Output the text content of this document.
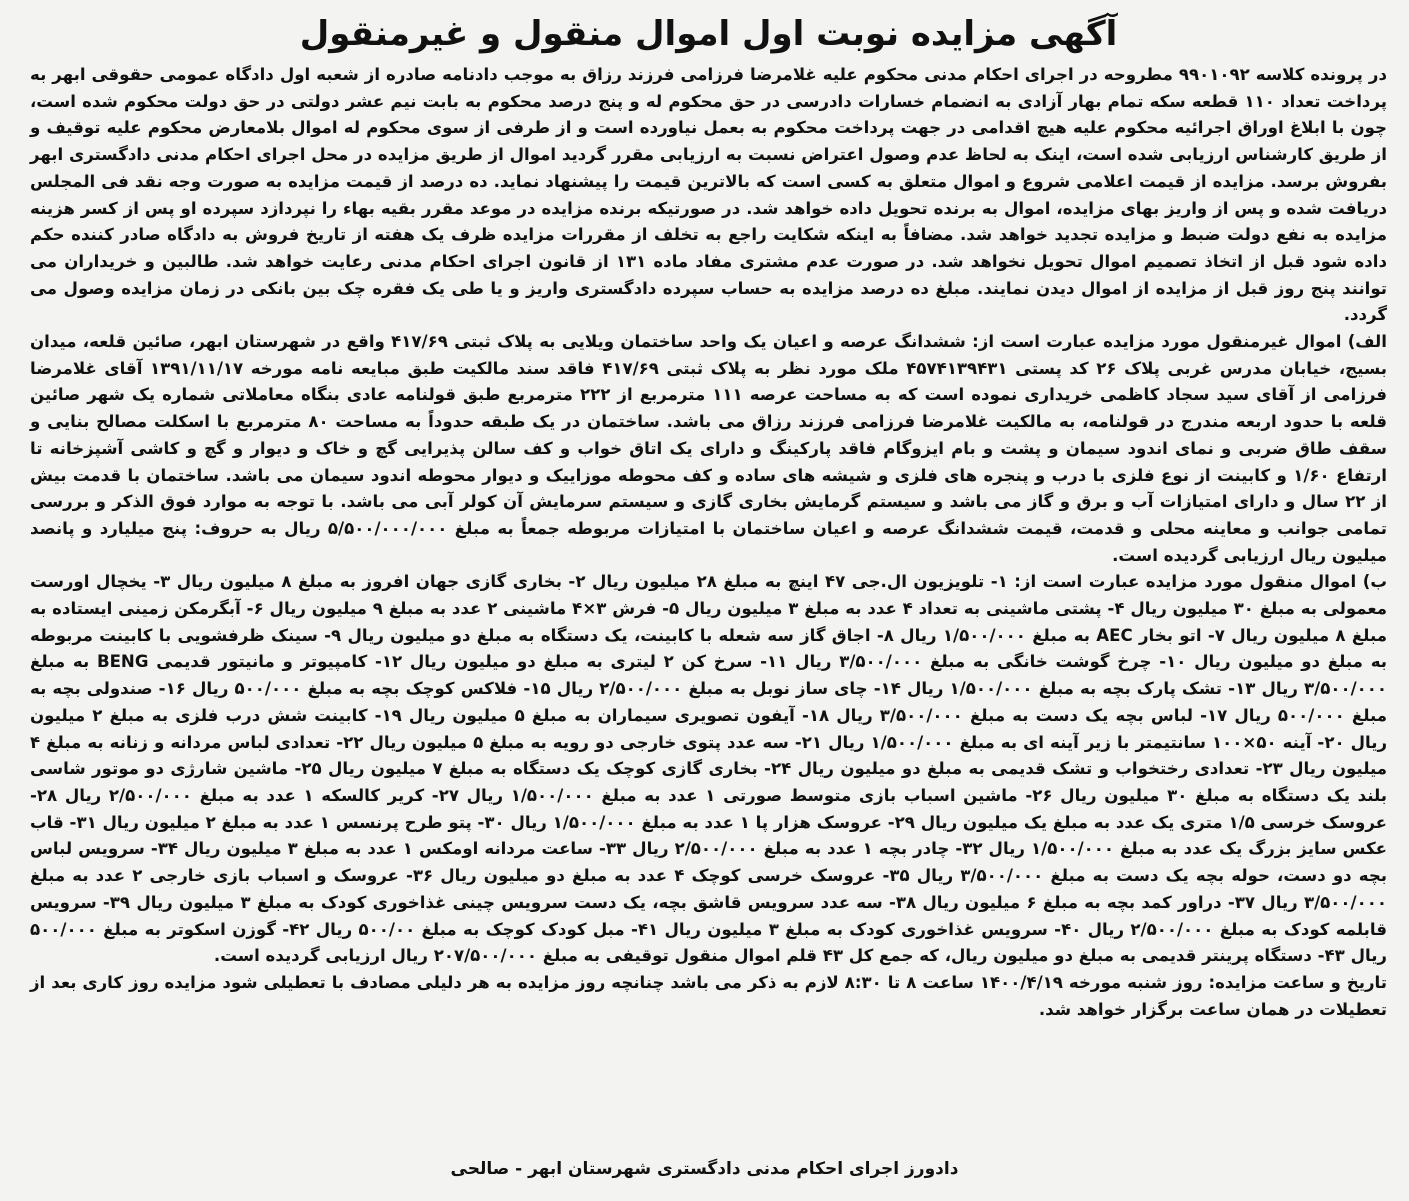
​
آگهی مزایده نوبت اول اموال منقول و غیرمنقول

در پرونده کلاسه ۹۹۰۱۰۹۲ مطروحه در اجرای احکام مدنی محکوم علیه غلامرضا فرزامی فرزند رزاق به موجب دادنامه صادره از شعبه اول دادگاه عمومی حقوقی ابهر به پرداخت تعداد ۱۱۰ قطعه سکه تمام بهار آزادی به انضمام خسارات دادرسی در حق محکوم له و پنج درصد محکوم به بابت نیم عشر دولتی در حق دولت محکوم شده است، چون با ابلاغ اوراق اجرائیه محکوم علیه هیچ اقدامی در جهت پرداخت محکوم به بعمل نیاورده است و از طرفی از سوی محکوم له اموال بلامعارض محکوم علیه توقیف و از طریق کارشناس ارزیابی شده است، اینک به لحاظ عدم وصول اعتراض نسبت به ارزیابی مقرر گردید اموال از طریق مزایده در محل اجرای احکام مدنی دادگستری ابهر بفروش برسد. مزایده از قیمت اعلامی شروع و اموال متعلق به کسی است که بالاترین قیمت را پیشنهاد نماید. ده درصد از قیمت مزایده به صورت وجه نقد فی المجلس دریافت شده و پس از واریز بهای مزایده، اموال به برنده تحویل داده خواهد شد. در صورتیکه برنده مزایده در موعد مقرر بقیه بهاء را نپردازد سپرده او پس از کسر هزینه مزایده به نفع دولت ضبط و مزایده تجدید خواهد شد. مضافاً به اینکه شکایت راجع به تخلف از مقررات مزایده ظرف یک هفته از تاریخ فروش به دادگاه صادر کننده حکم داده شود قبل از اتخاذ تصمیم اموال تحویل نخواهد شد. در صورت عدم مشتری مفاد ماده ۱۳۱ از قانون اجرای احکام مدنی رعایت خواهد شد. طالبین و خریداران می توانند پنج روز قبل از مزایده از اموال دیدن نمایند. مبلغ ده درصد مزایده به حساب سپرده دادگستری واریز و یا طی یک فقره چک بین بانکی در زمان مزایده وصول می گردد.

الف) اموال غیرمنقول مورد مزایده عبارت است از: ششدانگ عرصه و اعیان یک واحد ساختمان ویلایی به پلاک ثبتی ۴۱۷/۶۹ واقع در شهرستان ابهر، صائین قلعه، میدان بسیج، خیابان مدرس غربی پلاک ۲۶ کد پستی ۴۵۷۴۱۳۹۴۳۱ ملک مورد نظر به پلاک ثبتی ۴۱۷/۶۹ فاقد سند مالکیت طبق مبایعه نامه مورخه ۱۳۹۱/۱۱/۱۷ آقای غلامرضا فرزامی از آقای سید سجاد کاظمی خریداری نموده است که به مساحت عرصه ۱۱۱ مترمربع از ۲۲۲ مترمربع طبق قولنامه عادی بنگاه معاملاتی شماره یک شهر صائین قلعه با حدود اربعه مندرج در قولنامه، به مالکیت غلامرضا فرزامی فرزند رزاق می باشد. ساختمان در یک طبقه حدوداً به مساحت ۸۰ مترمربع با اسکلت مصالح بنایی و سقف طاق ضربی و نمای اندود سیمان و پشت و بام ایزوگام فاقد پارکینگ و دارای یک اتاق خواب و کف سالن پذیرایی گچ و خاک و دیوار و گچ و کاشی آشپزخانه تا ارتفاع ۱/۶۰ و کابینت از نوع فلزی با درب و پنجره های فلزی و شیشه های ساده و کف محوطه موزاییک و دیوار محوطه اندود سیمان می باشد. ساختمان با قدمت بیش از ۲۲ سال و دارای امتیازات آب و برق و گاز می باشد و سیستم گرمایش بخاری گازی و سیستم سرمایش آن کولر آبی می باشد. با توجه به موارد فوق الذکر و بررسی تمامی جوانب و معاینه محلی و قدمت، قیمت ششدانگ عرصه و اعیان ساختمان با امتیازات مربوطه جمعاً به مبلغ ۵/۵۰۰/۰۰۰/۰۰۰ ریال به حروف: پنج میلیارد و پانصد میلیون ریال ارزیابی گردیده است.

ب) اموال منقول مورد مزایده عبارت است از: ۱- تلویزیون ال.جی ۴۷ اینچ به مبلغ ۲۸ میلیون ریال ۲- بخاری گازی جهان افروز به مبلغ ۸ میلیون ریال ۳- یخچال اورست معمولی به مبلغ ۳۰ میلیون ریال ۴- پشتی ماشینی به تعداد ۴ عدد به مبلغ ۳ میلیون ریال ۵- فرش ۳×۴ ماشینی ۲ عدد به مبلغ ۹ میلیون ریال ۶- آبگرمکن زمینی ایستاده به مبلغ ۸ میلیون ریال ۷- اتو بخار AEC به مبلغ ۱/۵۰۰/۰۰۰ ریال ۸- اجاق گاز سه شعله با کابینت، یک دستگاه به مبلغ دو میلیون ریال ۹- سینک ظرفشویی با کابینت مربوطه به مبلغ دو میلیون ریال ۱۰- چرخ گوشت خانگی به مبلغ ۳/۵۰۰/۰۰۰ ریال ۱۱- سرخ کن ۲ لیتری به مبلغ دو میلیون ریال ۱۲- کامپیوتر و مانیتور قدیمی BENG به مبلغ ۳/۵۰۰/۰۰۰ ریال ۱۳- تشک پارک بچه به مبلغ ۱/۵۰۰/۰۰۰ ریال ۱۴- چای ساز نوبل به مبلغ ۲/۵۰۰/۰۰۰ ریال ۱۵- فلاکس کوچک بچه به مبلغ ۵۰۰/۰۰۰ ریال ۱۶- صندولی بچه به مبلغ ۵۰۰/۰۰۰ ریال ۱۷- لباس بچه یک دست به مبلغ ۳/۵۰۰/۰۰۰ ریال ۱۸- آیفون تصویری سیماران به مبلغ ۵ میلیون ریال ۱۹- کابینت شش درب فلزی به مبلغ ۲ میلیون ریال ۲۰- آینه ۵۰×۱۰۰ سانتیمتر با زیر آینه ای به مبلغ ۱/۵۰۰/۰۰۰ ریال ۲۱- سه عدد پتوی خارجی دو رویه به مبلغ ۵ میلیون ریال ۲۲- تعدادی لباس مردانه و زنانه به مبلغ ۴ میلیون ریال ۲۳- تعدادی رختخواب و تشک قدیمی به مبلغ دو میلیون ریال ۲۴- بخاری گازی کوچک یک دستگاه به مبلغ ۷ میلیون ریال ۲۵- ماشین شارژی دو موتور شاسی بلند یک دستگاه به مبلغ ۳۰ میلیون ریال ۲۶- ماشین اسباب بازی متوسط صورتی ۱ عدد به مبلغ ۱/۵۰۰/۰۰۰ ریال ۲۷- کریر کالسکه ۱ عدد به مبلغ ۲/۵۰۰/۰۰۰ ریال ۲۸- عروسک خرسی ۱/۵ متری یک عدد به مبلغ یک میلیون ریال ۲۹- عروسک هزار پا ۱ عدد به مبلغ ۱/۵۰۰/۰۰۰ ریال ۳۰- پتو طرح پرنسس ۱ عدد به مبلغ ۲ میلیون ریال ۳۱- قاب عکس سایز بزرگ یک عدد به مبلغ ۱/۵۰۰/۰۰۰ ریال ۳۲- چادر بچه ۱ عدد به مبلغ ۲/۵۰۰/۰۰۰ ریال ۳۳- ساعت مردانه اومکس ۱ عدد به مبلغ ۳ میلیون ریال ۳۴- سرویس لباس بچه دو دست، حوله بچه یک دست به مبلغ ۳/۵۰۰/۰۰۰ ریال ۳۵- عروسک خرسی کوچک ۴ عدد به مبلغ دو میلیون ریال ۳۶- عروسک و اسباب بازی خارجی ۲ عدد به مبلغ ۳/۵۰۰/۰۰۰ ریال ۳۷- دراور کمد بچه به مبلغ ۶ میلیون ریال ۳۸- سه عدد سرویس قاشق بچه، یک دست سرویس چینی غذاخوری کودک به مبلغ ۳ میلیون ریال ۳۹- سرویس قابلمه کودک به مبلغ ۲/۵۰۰/۰۰۰ ریال ۴۰- سرویس غذاخوری کودک به مبلغ ۳ میلیون ریال ۴۱- مبل کودک کوچک به مبلغ ۵۰۰/۰۰ ریال ۴۲- گوزن اسکوتر به مبلغ ۵۰۰/۰۰۰ ریال ۴۳- دستگاه پرینتر قدیمی به مبلغ دو میلیون ریال، که جمع کل ۴۳ قلم اموال منقول توقیفی به مبلغ ۲۰۷/۵۰۰/۰۰۰ ریال ارزیابی گردیده است.

تاریخ و ساعت مزایده: روز شنبه مورخه ۱۴۰۰/۴/۱۹ ساعت ۸ تا ۸:۳۰ لازم به ذکر می باشد چنانچه روز مزایده به هر دلیلی مصادف با تعطیلی شود مزایده روز کاری بعد از تعطیلات در همان ساعت برگزار خواهد شد.

دادورز اجرای احکام مدنی دادگستری شهرستان ابهر - صالحی
